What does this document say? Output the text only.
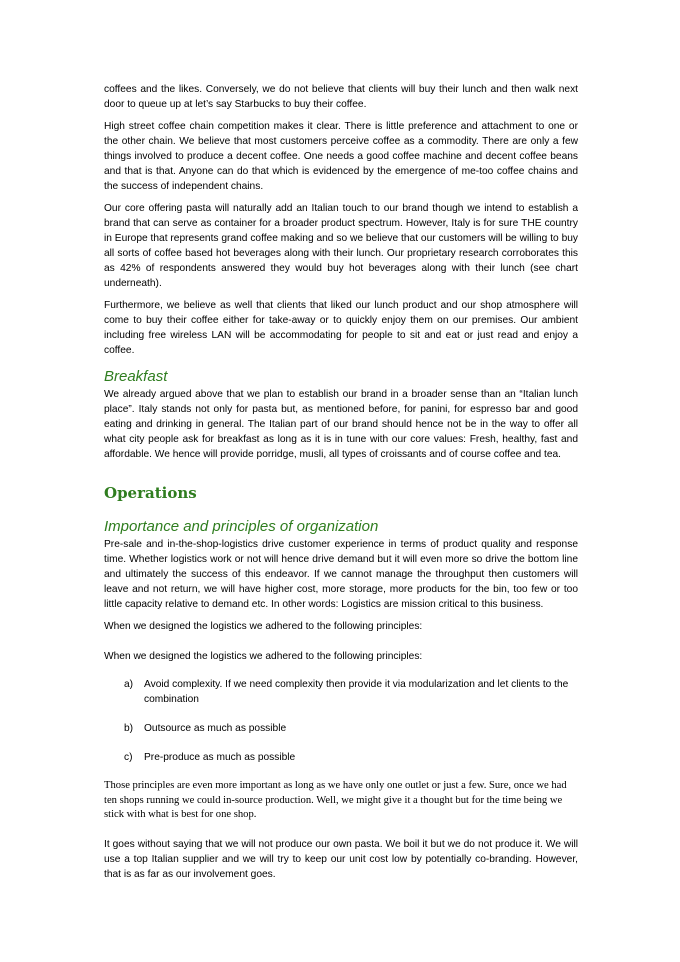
coffees and the likes. Conversely, we do not believe that clients will buy their lunch and then walk next door to queue up at let’s say Starbucks to buy their coffee.

High street coffee chain competition makes it clear. There is little preference and attachment to one or the other chain. We believe that most customers perceive coffee as a commodity. There are only a few things involved to produce a decent coffee. One needs a good coffee machine and decent coffee beans and that is that. Anyone can do that which is evidenced by the emergence of me-too coffee chains and the success of independent chains.

Our core offering pasta will naturally add an Italian touch to our brand though we intend to establish a brand that can serve as container for a broader product spectrum. However, Italy is for sure THE country in Europe that represents grand coffee making and so we believe that our customers will be willing to buy all sorts of coffee based hot beverages along with their lunch. Our proprietary research corroborates this as 42% of respondents answered they would buy hot beverages along with their lunch (see chart underneath).

Furthermore, we believe as well that clients that liked our lunch product and our shop atmosphere will come to buy their coffee either for take-away or to quickly enjoy them on our premises. Our ambient including free wireless LAN will be accommodating for people to sit and eat or just read and enjoy a coffee.

Breakfast

We already argued above that we plan to establish our brand in a broader sense than an “Italian lunch place”. Italy stands not only for pasta but, as mentioned before, for panini, for espresso bar and good eating and drinking in general. The Italian part of our brand should hence not be in the way to offer all what city people ask for breakfast as long as it is in tune with our core values: Fresh, healthy, fast and affordable. We hence will provide porridge, musli, all types of croissants and of course coffee and tea.

Operations
Importance and principles of organization

Pre-sale and in-the-shop-logistics drive customer experience in terms of product quality and response time. Whether logistics work or not will hence drive demand but it will even more so drive the bottom line and ultimately the success of this endeavor. If we cannot manage the throughput then customers will leave and not return, we will have higher cost, more storage, more products for the bin, too few or too little capacity relative to demand etc. In other words: Logistics are mission critical to this business.

When we designed the logistics we adhered to the following principles:

When we designed the logistics we adhered to the following principles:

a)	Avoid complexity. If we need complexity then provide it via modularization and let clients to the combination
b)	Outsource as much as possible
c)	Pre-produce as much as possible

Those principles are even more important as long as we have only one outlet or just a few. Sure, once we had ten shops running we could in-source production. Well, we might give it a thought but for the time being we stick with what is best for one shop.

It goes without saying that we will not produce our own pasta. We boil it but we do not produce it. We will use a top Italian supplier and we will try to keep our unit cost low by potentially co-branding. However, that is as far as our involvement goes.
